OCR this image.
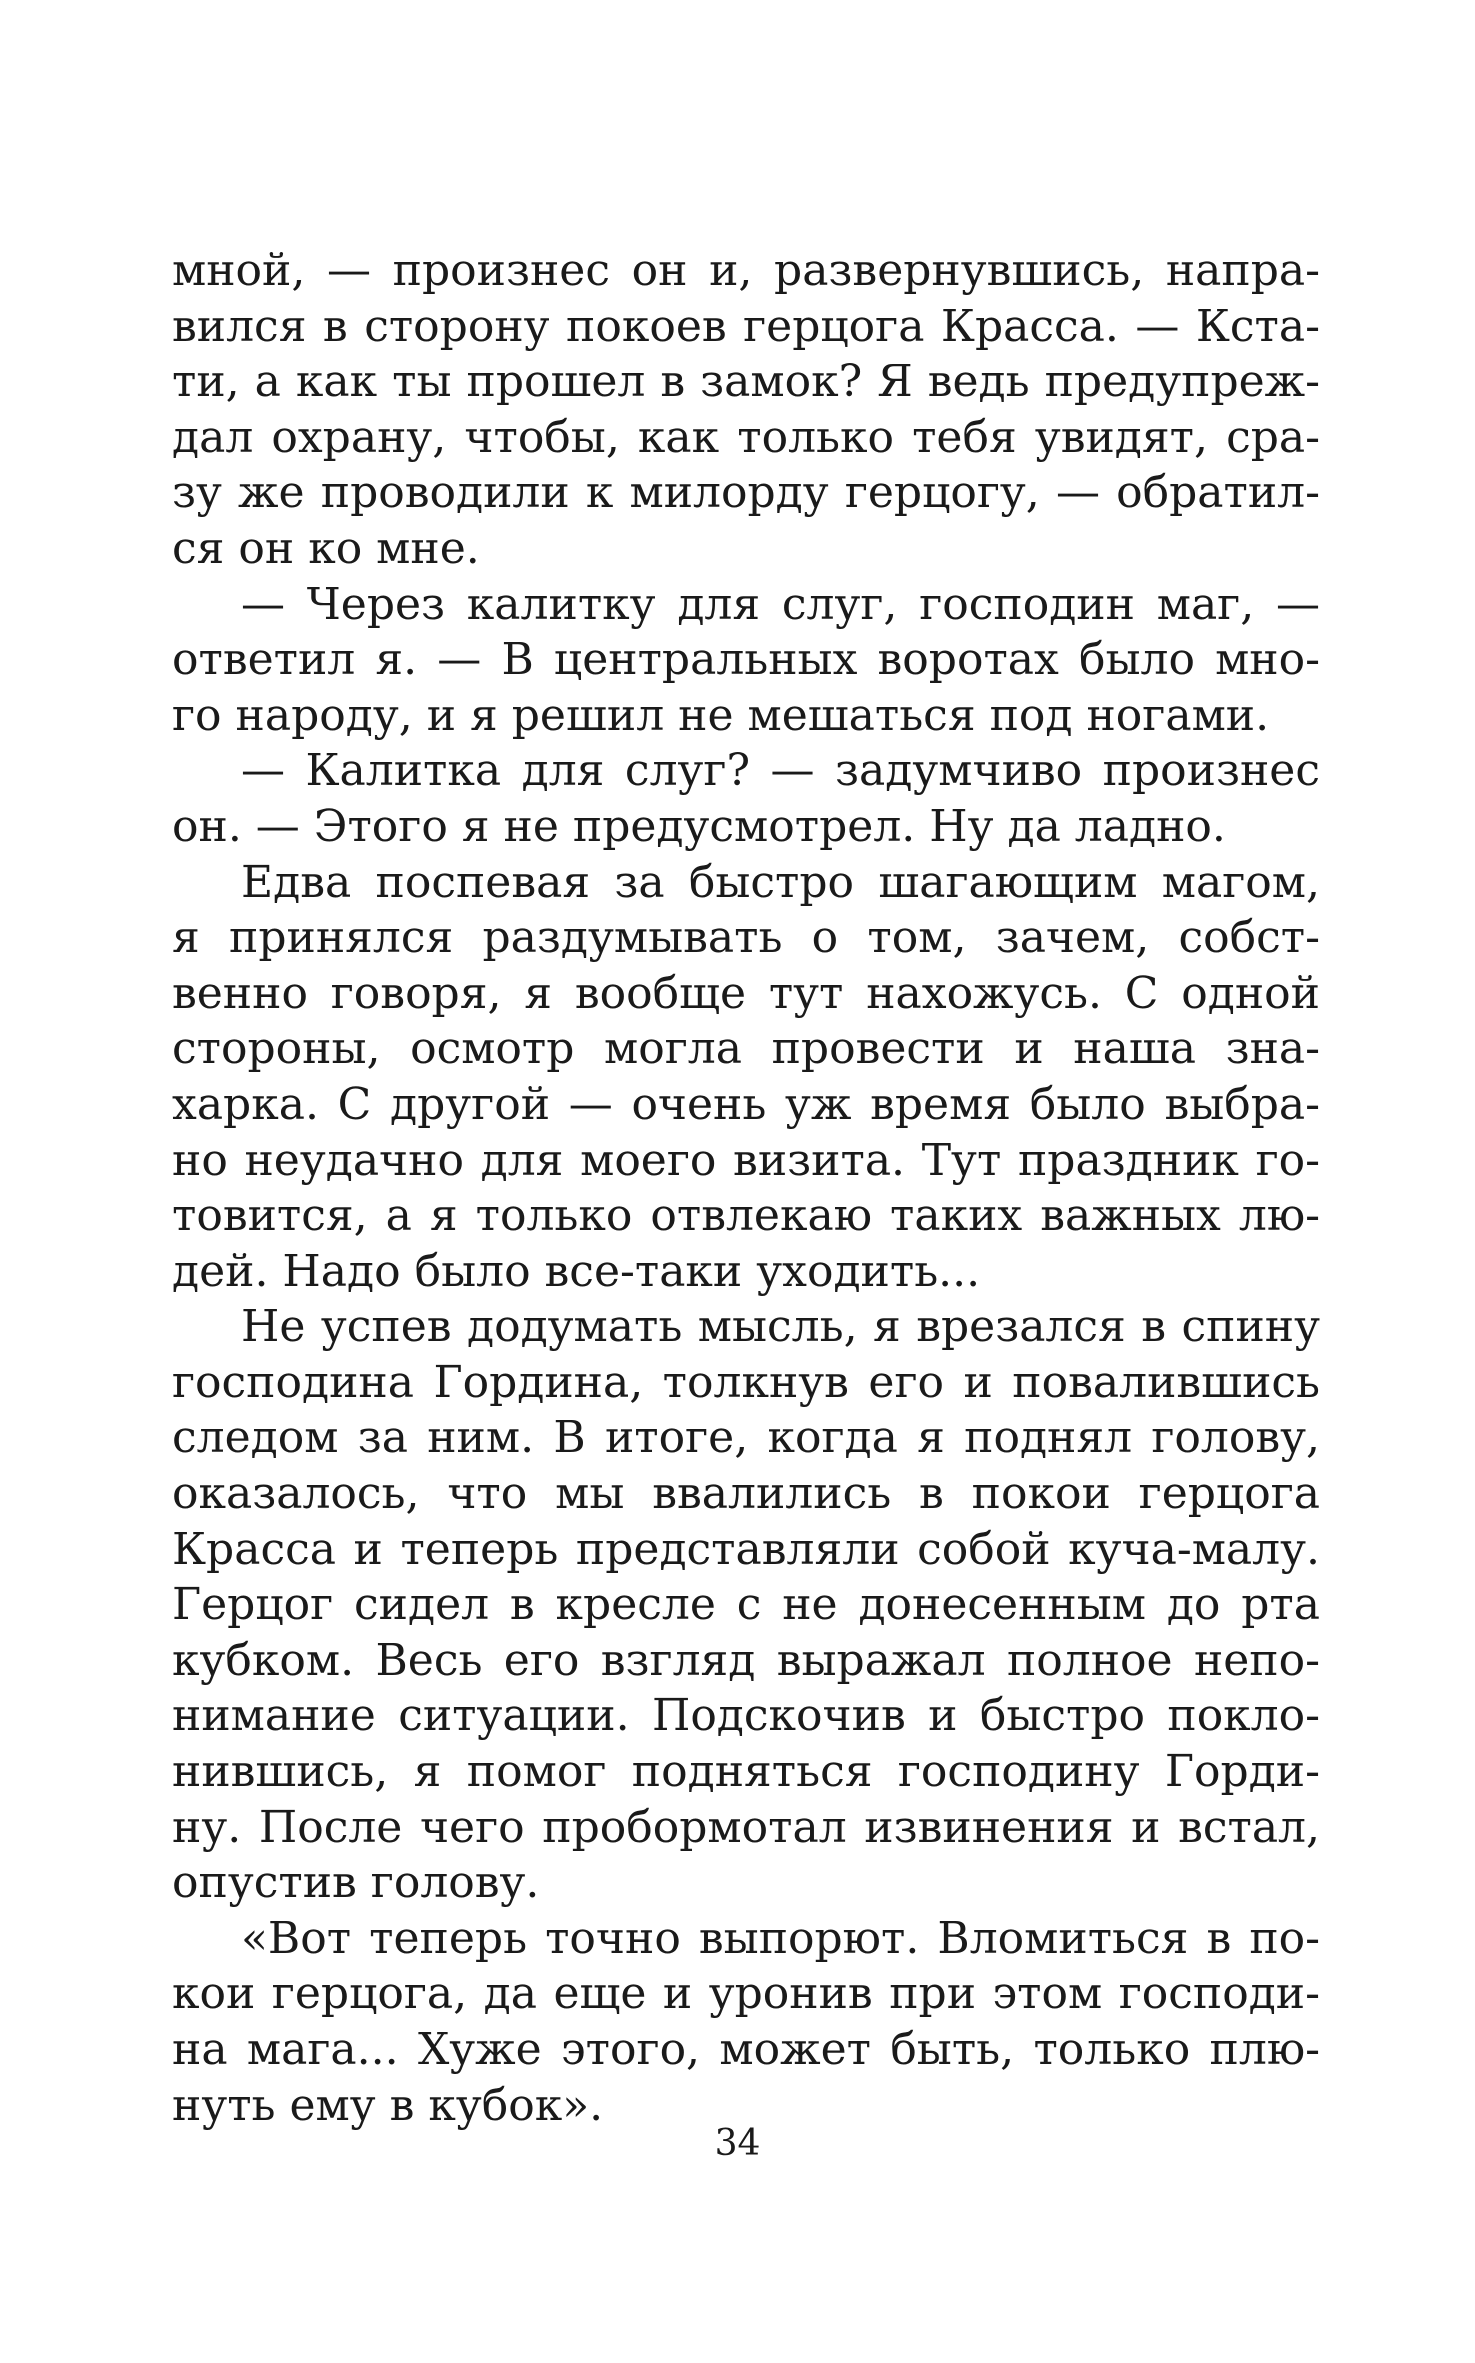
мной, — произнес он и, развернувшись, напра-
вился в сторону покоев герцога Красса. — Кста-
ти, а как ты прошел в замок? Я ведь предупреж-
дал охрану, чтобы, как только тебя увидят, сра-
зу же проводили к милорду герцогу, — обратил-
ся он ко мне.
— Через калитку для слуг, господин маг, —
ответил я. — В центральных воротах было мно-
го народу, и я решил не мешаться под ногами.
— Калитка для слуг? — задумчиво произнес
он. — Этого я не предусмотрел. Ну да ладно.
Едва поспевая за быстро шагающим магом,
я принялся раздумывать о том, зачем, собст-
венно говоря, я вообще тут нахожусь. С одной
стороны, осмотр могла провести и наша зна-
харка. С другой — очень уж время было выбра-
но неудачно для моего визита. Тут праздник го-
товится, а я только отвлекаю таких важных лю-
дей. Надо было все-таки уходить...
Не успев додумать мысль, я врезался в спину
господина Гордина, толкнув его и повалившись
следом за ним. В итоге, когда я поднял голову,
оказалось, что мы ввалились в покои герцога
Красса и теперь представляли собой куча-малу.
Герцог сидел в кресле с не донесенным до рта
кубком. Весь его взгляд выражал полное непо-
нимание ситуации. Подскочив и быстро покло-
нившись, я помог подняться господину Горди-
ну. После чего пробормотал извинения и встал,
опустив голову.
«Вот теперь точно выпорют. Вломиться в по-
кои герцога, да еще и уронив при этом господи-
на мага... Хуже этого, может быть, только плю-
нуть ему в кубок».
34
